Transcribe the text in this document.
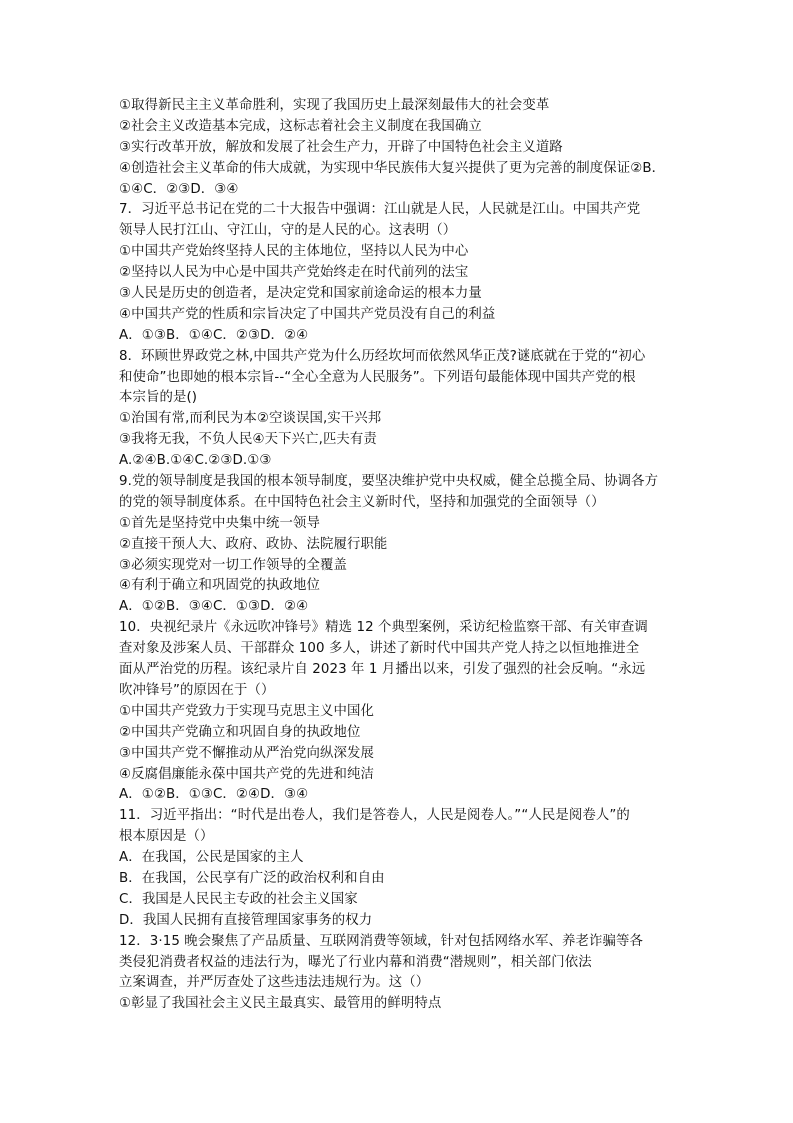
①取得新民主主义革命胜利，实现了我国历史上最深刻最伟大的社会变革
②社会主义改造基本完成，这标志着社会主义制度在我国确立
③实行改革开放，解放和发展了社会生产力，开辟了中国特色社会主义道路
④创造社会主义革命的伟大成就，为实现中华民族伟大复兴提供了更为完善的制度保证②B．
①④C．②③D．③④
7．习近平总书记在党的二十大报告中强调：江山就是人民，人民就是江山。中国共产党
领导人民打江山、守江山，守的是人民的心。这表明（）
①中国共产党始终坚持人民的主体地位，坚持以人民为中心
②坚持以人民为中心是中国共产党始终走在时代前列的法宝
③人民是历史的创造者，是决定党和国家前途命运的根本力量
④中国共产党的性质和宗旨决定了中国共产党员没有自己的利益
A．①③B．①④C．②③D．②④
8．环顾世界政党之林,中国共产党为什么历经坎坷而依然风华正茂?谜底就在于党的“初心
和使命”也即她的根本宗旨--“全心全意为人民服务”。下列语句最能体现中国共产党的根
本宗旨的是()
①治国有常,而利民为本②空谈误国,实干兴邦
③我将无我，不负人民④天下兴亡,匹夫有责
A.②④B.①④C.②③D.①③
9.党的领导制度是我国的根本领导制度，要坚决维护党中央权威，健全总揽全局、协调各方
的党的领导制度体系。在中国特色社会主义新时代，坚持和加强党的全面领导（）
①首先是坚持党中央集中统一领导
②直接干预人大、政府、政协、法院履行职能
③必须实现党对一切工作领导的全覆盖
④有利于确立和巩固党的执政地位
A．①②B．③④C．①③D．②④
10．央视纪录片《永远吹冲锋号》精选 12 个典型案例，采访纪检监察干部、有关审查调
查对象及涉案人员、干部群众 100 多人，讲述了新时代中国共产党人持之以恒地推进全
面从严治党的历程。该纪录片自 2023 年 1 月播出以来，引发了强烈的社会反响。“永远
吹冲锋号”的原因在于（）
①中国共产党致力于实现马克思主义中国化
②中国共产党确立和巩固自身的执政地位
③中国共产党不懈推动从严治党向纵深发展
④反腐倡廉能永葆中国共产党的先进和纯洁
A．①②B．①③C．②④D．③④
11．习近平指出：“时代是出卷人，我们是答卷人，人民是阅卷人。”“人民是阅卷人”的
根本原因是（）
A．在我国，公民是国家的主人
B．在我国，公民享有广泛的政治权利和自由
C．我国是人民民主专政的社会主义国家
D．我国人民拥有直接管理国家事务的权力
12．3·15 晚会聚焦了产品质量、互联网消费等领域，针对包括网络水军、养老诈骗等各
类侵犯消费者权益的违法行为，曝光了行业内幕和消费“潜规则”，相关部门依法
立案调查，并严厉查处了这些违法违规行为。这（）
①彰显了我国社会主义民主最真实、最管用的鲜明特点
